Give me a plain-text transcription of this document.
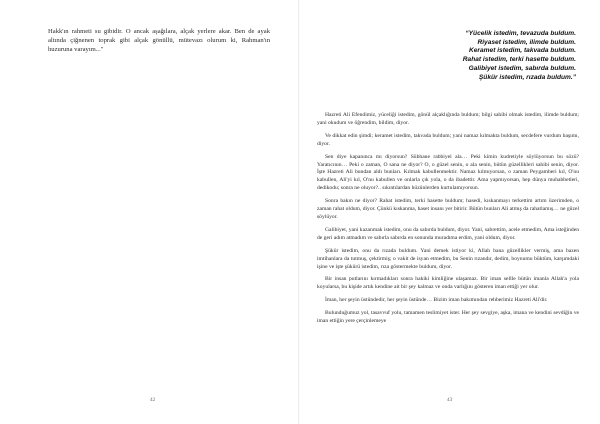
Hakk'ın rahmeti su gibidir. O ancak aşağılara, alçak yerlere akar. Ben de ayak altında çiğnenen toprak gibi alçak gönüllü, mütevazı olurum ki, Rahman'ın huzuruna varayım..."

42
“Yücelik istedim, tevazuda buldum.
Riyaset istedim, ilimde buldum.
Keramet istedim, takvada buldum.
Rahat istedim, terki hasette buldum.
Galibiyet istedim, sabırda buldum.
Şükür istedim, rızada buldum.”

Hazreti Ali Efendimiz, yüceliği istedim, gönül alçaklığında buldum; bilgi sahibi olmak istedim, ilimde buldum; yani okudum ve öğrendim, bildim, diyor.

Ve dikkat edin şimdi; keramet istedim, takvada buldum; yani namaz kılmakta buldum, secdefere vurdum başımı, diyor.

Sen diye kapanınca mı diyorsun? Sübhane rabbiyel ala… Peki kimin kudretiyle söylüyorsun bu sözü? Yaratıcının… Peki o zaman, O sana ne diyor? O, o güzel senin, o ala senin, bütün güzellikleri sahibi senin, diyor. İşte Hazreti Ali bundan aldı bunları. Kılmak kabullenmektir. Namaz kılmıyorsan, o zaman Peygamberi kıl, O'nu kabullen, Ali'yi kıl, O'nu kabullen ve onlarla çık yola, o da ibadettir. Ama yapmıyorsan, hep dünya muhabbetleri, dedikodu; sonra ne oluyor?.. sıkıntılardan hüzünlerden kurtulamıyorsun.

Sonra bakın ne diyor? Rahat istedim, terki hasette buldum; hasedi, kıskanmayı terkettim artım üzerimden, o zaman rahat oldum, diyor. Çünkü kıskanma, haset insanı yer bitirir. Bütün bunları Ali atmış da rahatlamış… ne güzel söylüyor.

Galibiyet, yani kazanmak istedim, onu da sabırda buldum, diyor. Yani, sabrettim, acele etmedim, Ama isteğinden de geri adım atmadım ve sabırla sabırda en sonunda muradıma erdim, yani oldum, diyor.

Şükür istedim, onu da rızada buldum. Yani demek istiyor ki, Allah bana güzellikler vermiş, ama bazen imtihanlara da tutmuş, çektirmiş; o vakit de isyan etmedim, bu Senin rızandır, dedim, boynumu büktüm, karşımdaki işine ve işte şükürü istedim, rıza göstermekte buldum, diyor.

Bir insan putlarını kırmadıkları sonra hakiki kimliğine ulaşamaz. Bir iman sellle bütün imanla Allah'a yola koyularsa, bu kişide artık kendine ait bir şey kalmaz ve onda varlığını gösteren iman ettiği yer olur.

İman, her şeyin üstündedir, her şeyin üstünde… Bizim iman bakımından rehberimiz Hazreti Ali'dir.

Bulunduğumuz yol, tasavvuf yolu, tamamen teslimiyet ister. Her şey sevgiye, aşka, imana ve kendini sevdiğin ve iman ettiğin yere çerçinlemeye

43
